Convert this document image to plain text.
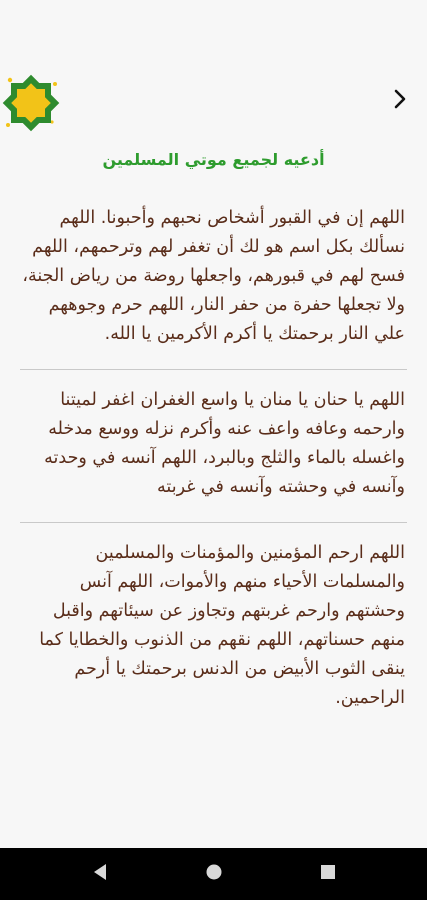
أدعيه لجميع موتي المسلمين
اللهم إن في القبور أشخاص نحبهم وأحبونا. اللهم نسألك بكل اسم هو لك أن تغفر لهم وترحمهم، اللهم فسح لهم في قبورهم، واجعلها روضة من رياض الجنة، ولا تجعلها حفرة من حفر النار، اللهم حرم وجوههم علي النار برحمتك يا أكرم الأكرمين يا الله.
اللهم يا حنان يا منان يا واسع الغفران اغفر لميتنا وارحمه وعافه واعف عنه وأكرم نزله ووسع مدخله واغسله بالماء والثلج وبالبرد، اللهم آنسه في وحدته وآنسه في وحشته وآنسه في غربته
اللهم ارحم المؤمنين والمؤمنات والمسلمين والمسلمات الأحياء منهم والأموات، اللهم آنس وحشتهم وارحم غربتهم وتجاوز عن سيئاتهم واقبل منهم حسناتهم، اللهم نقهم من الذنوب والخطايا كما ينقى الثوب الأبيض من الدنس برحمتك يا أرحم الراحمين.
